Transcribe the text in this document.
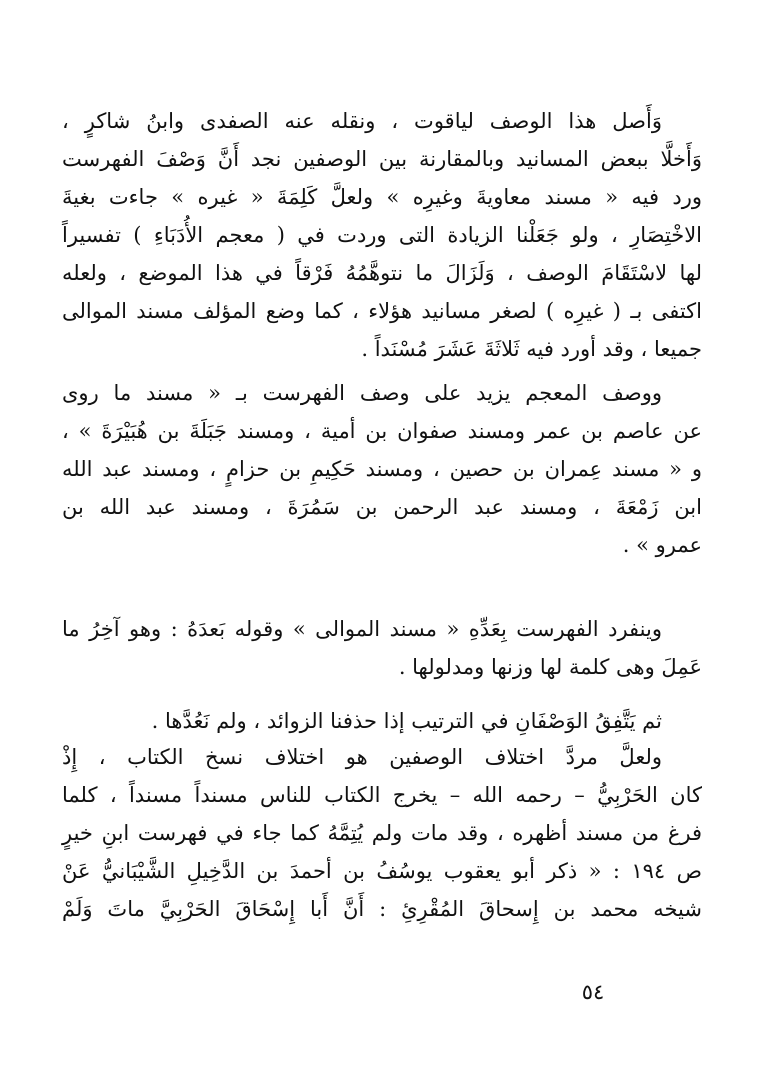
وَأَصل هذا الوصف لياقوت ، ونقله عنه الصفدى وابنُ شاكرٍ ،
وَأَخلَّا ببعض المسانيد وبالمقارنة بين الوصفين نجد أَنَّ وَصْفَ الفهرست
ورد فيه « مسند معاويةَ وغيرِه » ولعلَّ كَلِمَةَ « غيره » جاءت بغيةَ
الاخْتِصَارِ ، ولو جَعَلْنا الزيادة التى وردت في ( معجم الأُدَبَاءِ ) تفسيراً
لها لاسْتَقَامَ الوصف ، وَلَزَالَ ما نتوهَّمُهُ فَرْقاً في هذا الموضع ، ولعله
اكتفى بـ ( غيرِه ) لصغر مسانيد هؤلاء ، كما وضع المؤلف مسند الموالى
جميعا ، وقد أورد فيه ثَلاثَةَ عَشَرَ مُسْنَداً .
ووصف المعجم يزيد على وصف الفهرست بـ « مسند ما روى
عن عاصم بن عمر ومسند صفوان بن أمية ، ومسند جَبَلَةَ بن هُبَيْرَةَ » ،
و « مسند عِمران بن حصين ، ومسند حَكِيمِ بن حزامٍ ، ومسند عبد الله
ابن زَمْعَةَ ، ومسند عبد الرحمن بن سَمُرَةَ ، ومسند عبد الله بن
عمرو » .
وينفرد الفهرست بِعَدِّهِ « مسند الموالى » وقوله بَعدَهُ : وهو آخِرُ ما
عَمِلَ وهى كلمة لها وزنها ومدلولها .
ثم يَتَّفِقُ الوَصْفَانِ في الترتيب إذا حذفنا الزوائد ، ولم نَعُدَّها .
ولعلَّ مردَّ اختلاف الوصفين هو اختلاف نسخ الكتاب ، إِذْ
كان الحَرْبِيُّ – رحمه الله – يخرج الكتاب للناس مسنداً مسنداً ، كلما
فرغ من مسند أظهره ، وقد مات ولم يُتِمَّهُ كما جاء في فهرست ابنِ خيرٍ
ص ١٩٤ : « ذكر أبو يعقوب يوسُفُ بن أحمدَ بن الدَّخِيلِ الشَّيْبَانيُّ عَنْ
شيخه محمد بن إِسحاقَ المُقْرِئِ : أَنَّ أَبا إِسْحَاقَ الحَرْبِيَّ ماتَ وَلَمْ
٥٤
